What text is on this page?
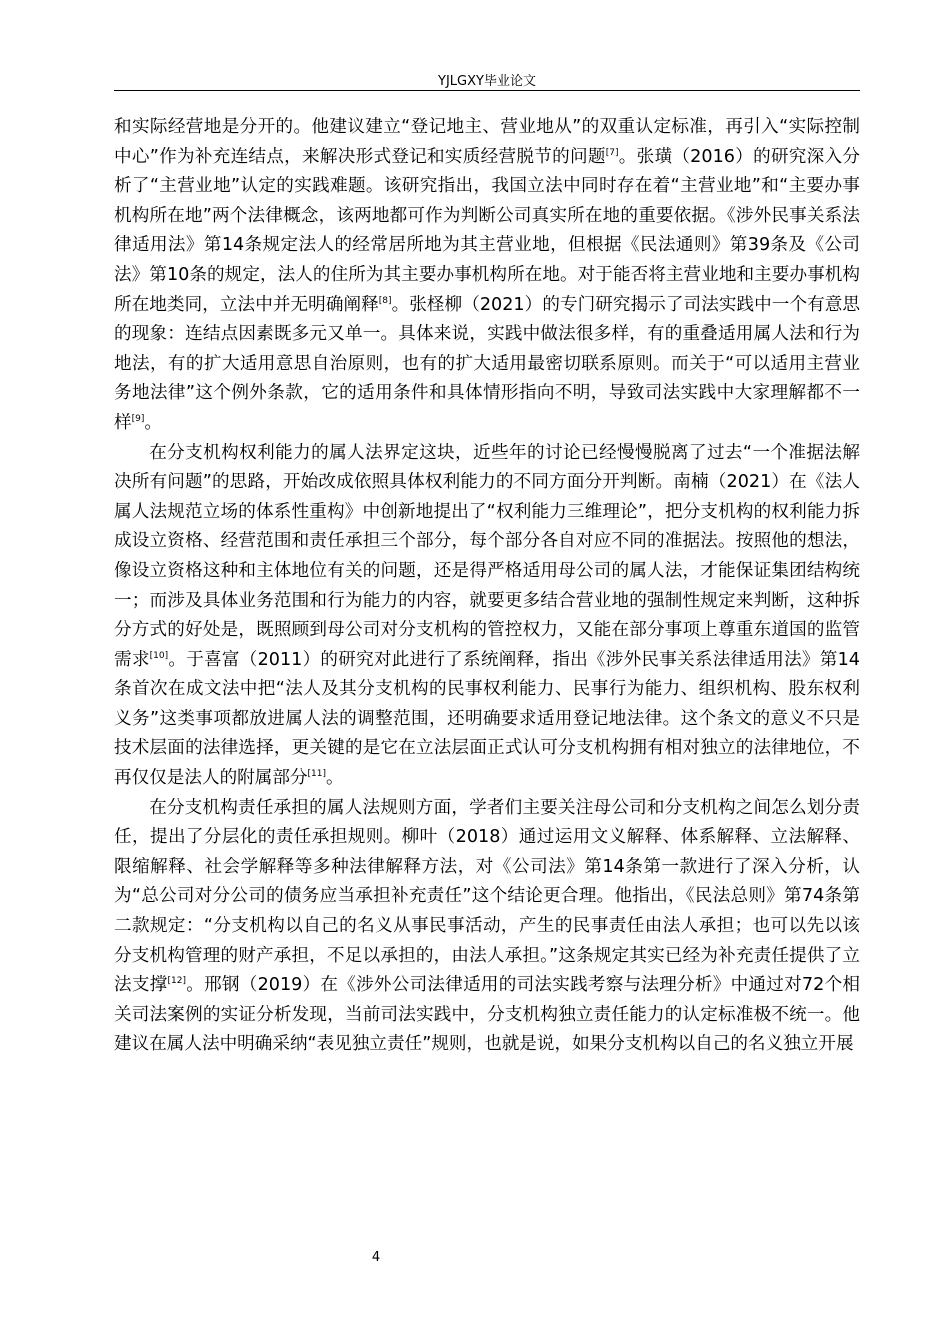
YJLGXY毕业论文

和实际经营地是分开的。他建议建立“登记地主、营业地从”的双重认定标准，再引入“实际控制中心”作为补充连结点，来解决形式登记和实质经营脱节的问题[7]。张璜（2016）的研究深入分析了“主营业地”认定的实践难题。该研究指出，我国立法中同时存在着“主营业地”和“主要办事机构所在地”两个法律概念，该两地都可作为判断公司真实所在地的重要依据。《涉外民事关系法律适用法》第14条规定法人的经常居所地为其主营业地，但根据《民法通则》第39条及《公司法》第10条的规定，法人的住所为其主要办事机构所在地。对于能否将主营业地和主要办事机构所在地类同，立法中并无明确阐释[8]。张柽柳（2021）的专门研究揭示了司法实践中一个有意思的现象：连结点因素既多元又单一。具体来说，实践中做法很多样，有的重叠适用属人法和行为地法，有的扩大适用意思自治原则，也有的扩大适用最密切联系原则。而关于“可以适用主营业务地法律”这个例外条款，它的适用条件和具体情形指向不明，导致司法实践中大家理解都不一样[9]。

在分支机构权利能力的属人法界定这块，近些年的讨论已经慢慢脱离了过去“一个准据法解决所有问题”的思路，开始改成依照具体权利能力的不同方面分开判断。南楠（2021）在《法人属人法规范立场的体系性重构》中创新地提出了“权利能力三维理论”，把分支机构的权利能力拆成设立资格、经营范围和责任承担三个部分，每个部分各自对应不同的准据法。按照他的想法，像设立资格这种和主体地位有关的问题，还是得严格适用母公司的属人法，才能保证集团结构统一；而涉及具体业务范围和行为能力的内容，就要更多结合营业地的强制性规定来判断，这种拆分方式的好处是，既照顾到母公司对分支机构的管控权力，又能在部分事项上尊重东道国的监管需求[10]。于喜富（2011）的研究对此进行了系统阐释，指出《涉外民事关系法律适用法》第14条首次在成文法中把“法人及其分支机构的民事权利能力、民事行为能力、组织机构、股东权利义务”这类事项都放进属人法的调整范围，还明确要求适用登记地法律。这个条文的意义不只是技术层面的法律选择，更关键的是它在立法层面正式认可分支机构拥有相对独立的法律地位，不再仅仅是法人的附属部分[11]。

在分支机构责任承担的属人法规则方面，学者们主要关注母公司和分支机构之间怎么划分责任，提出了分层化的责任承担规则。柳叶（2018）通过运用文义解释、体系解释、立法解释、限缩解释、社会学解释等多种法律解释方法，对《公司法》第14条第一款进行了深入分析，认为“总公司对分公司的债务应当承担补充责任”这个结论更合理。他指出，《民法总则》第74条第二款规定：“分支机构以自己的名义从事民事活动，产生的民事责任由法人承担；也可以先以该分支机构管理的财产承担，不足以承担的，由法人承担。”这条规定其实已经为补充责任提供了立法支撑[12]。邢钢（2019）在《涉外公司法律适用的司法实践考察与法理分析》中通过对72个相关司法案例的实证分析发现，当前司法实践中，分支机构独立责任能力的认定标准极不统一。他建议在属人法中明确采纳“表见独立责任”规则，也就是说，如果分支机构以自己的名义独立开展

4
